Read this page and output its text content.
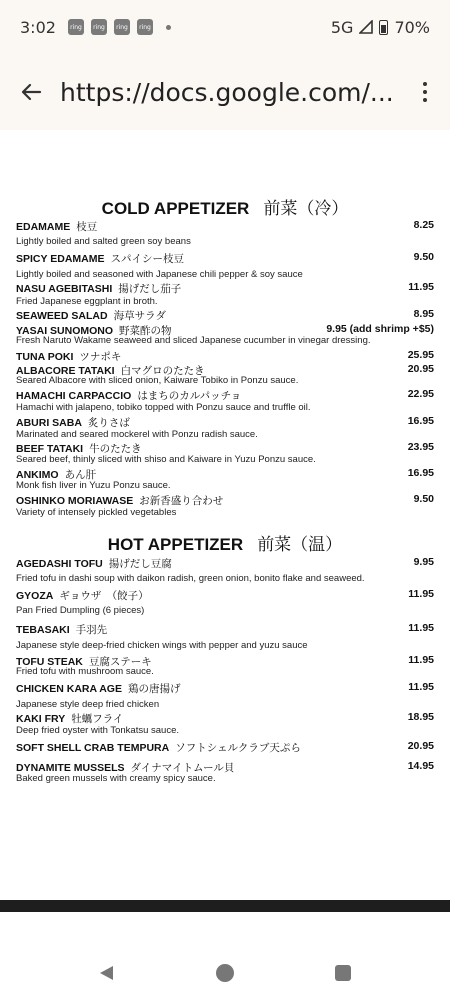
3:02	ring	ring	ring	ring	5G	70%
https://docs.google.com/...
COLD APPETIZER 前菜（冷）
EDAMAME 枝豆	8.25
Lightly boiled and salted green soy beans
SPICY EDAMAME スパイシー枝豆	9.50
Lightly boiled and seasoned with Japanese chili pepper & soy sauce
NASU AGEBITASHI 揚げだし茄子	11.95
Fried Japanese eggplant in broth.
SEAWEED SALAD 海草サラダ	8.95
YASAI SUNOMONO 野菜酢の物	9.95 (add shrimp +$5)
Fresh Naruto Wakame seaweed and sliced Japanese cucumber in vinegar dressing.
TUNA POKI ツナポキ	25.95
ALBACORE TATAKI 白マグロのたたき	20.95
Seared Albacore with sliced onion, Kaiware Tobiko in Ponzu sauce.
HAMACHI CARPACCIO はまちのカルパッチョ	22.95
Hamachi with jalapeno, tobiko topped with Ponzu sauce and truffle oil.
ABURI SABA 炙りさば	16.95
Marinated and seared mockerel with Ponzu radish sauce.
BEEF TATAKI 牛のたたき	23.95
Seared beef, thinly sliced with shiso and Kaiware in Yuzu Ponzu sauce.
ANKIMO あん肝	16.95
Monk fish liver in Yuzu Ponzu sauce.
OSHINKO MORIAWASE お新香盛り合わせ	9.50
Variety of intensely pickled vegetables
HOT APPETIZER 前菜（温）
AGEDASHI TOFU 揚げだし豆腐	9.95
Fried tofu in dashi soup with daikon radish, green onion, bonito flake and seaweed.
GYOZA ギョウザ　（餃子）	11.95
Pan Fried Dumpling (6 pieces)
TEBASAKI 手羽先	11.95
Japanese style deep-fried chicken wings with pepper and yuzu sauce
TOFU STEAK 豆腐ステーキ	11.95
Fried tofu with mushroom sauce.
CHICKEN KARA AGE 鶏の唐揚げ	11.95
Japanese style deep fried chicken
KAKI FRY 牡蠣フライ	18.95
Deep fried oyster with Tonkatsu sauce.
SOFT SHELL CRAB TEMPURA ソフトシェルクラブ天ぷら	20.95
DYNAMITE MUSSELS ダイナマイトムール貝	14.95
Baked green mussels with creamy spicy sauce.
